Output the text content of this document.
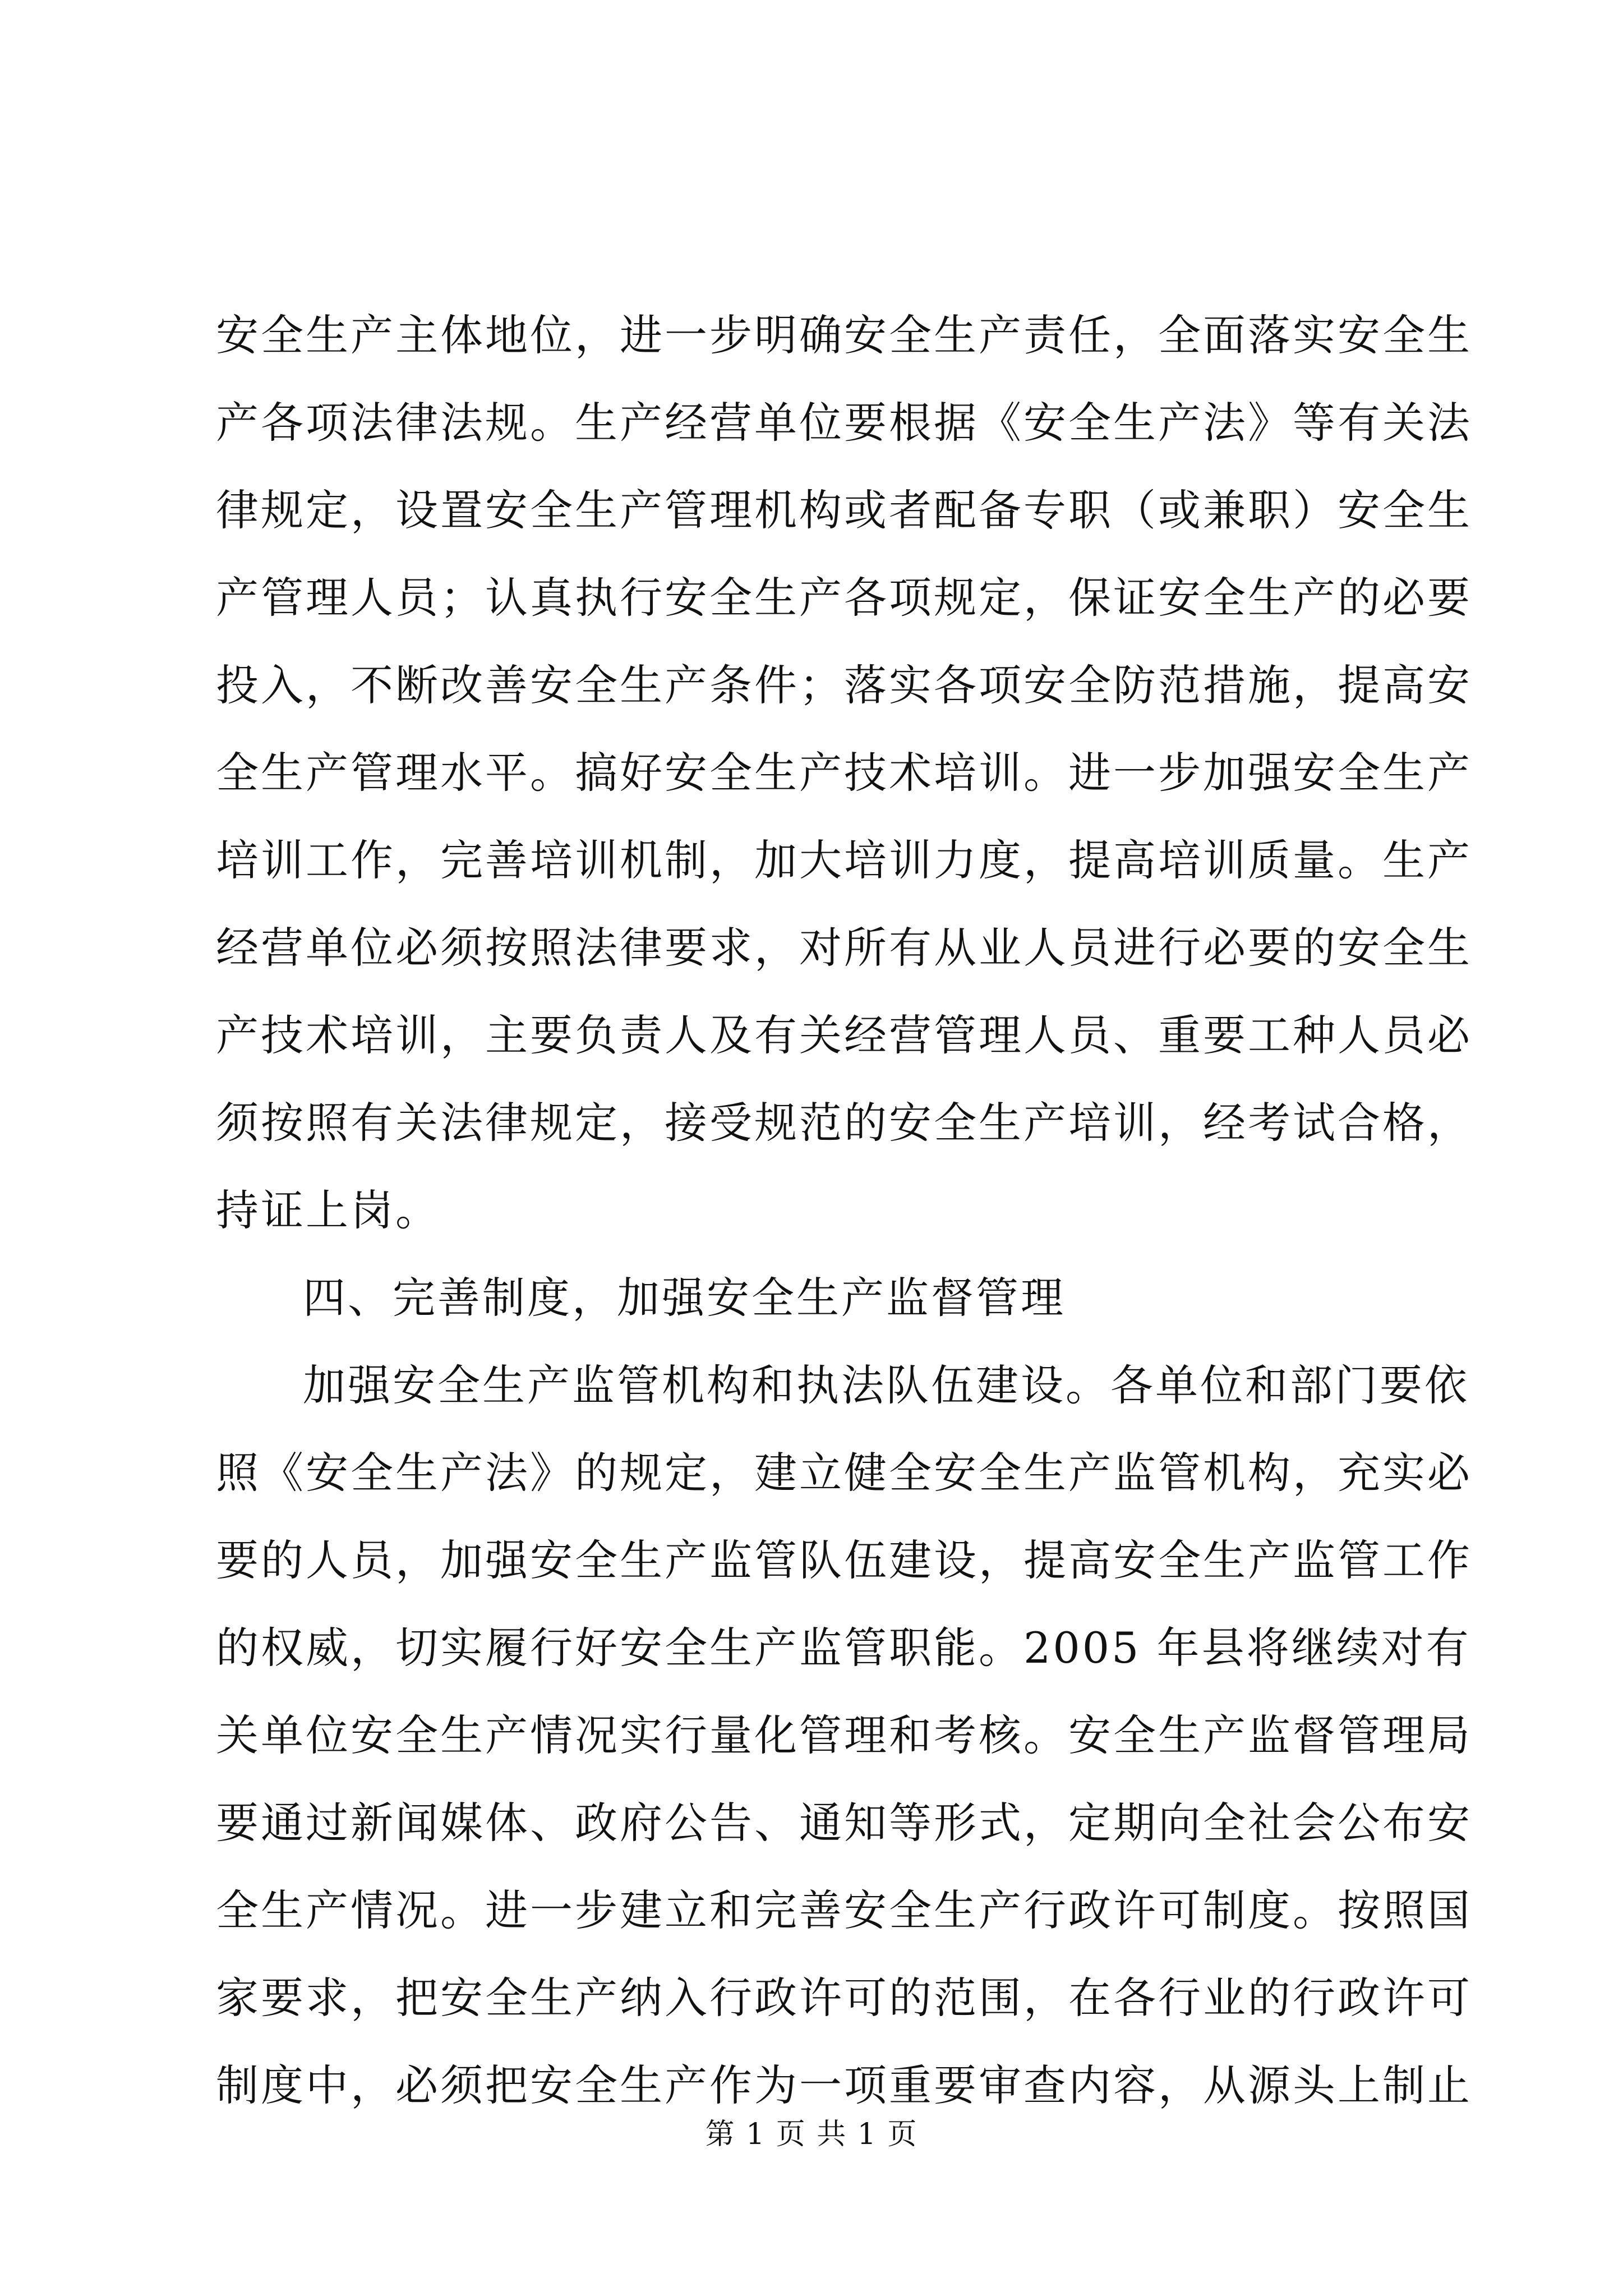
安全生产主体地位，进一步明确安全生产责任，全面落实安全生
产各项法律法规。生产经营单位要根据《安全生产法》等有关法
律规定，设置安全生产管理机构或者配备专职（或兼职）安全生
产管理人员；认真执行安全生产各项规定，保证安全生产的必要
投入，不断改善安全生产条件；落实各项安全防范措施，提高安
全生产管理水平。搞好安全生产技术培训。进一步加强安全生产
培训工作，完善培训机制，加大培训力度，提高培训质量。生产
经营单位必须按照法律要求，对所有从业人员进行必要的安全生
产技术培训，主要负责人及有关经营管理人员、重要工种人员必
须按照有关法律规定，接受规范的安全生产培训，经考试合格，
持证上岗。
四、完善制度，加强安全生产监督管理
加强安全生产监管机构和执法队伍建设。各单位和部门要依
照《安全生产法》的规定，建立健全安全生产监管机构，充实必
要的人员，加强安全生产监管队伍建设，提高安全生产监管工作
的权威，切实履行好安全生产监管职能。2005 年县将继续对有
关单位安全生产情况实行量化管理和考核。安全生产监督管理局
要通过新闻媒体、政府公告、通知等形式，定期向全社会公布安
全生产情况。进一步建立和完善安全生产行政许可制度。按照国
家要求，把安全生产纳入行政许可的范围，在各行业的行政许可
制度中，必须把安全生产作为一项重要审查内容，从源头上制止
第 1 页 共 1 页
